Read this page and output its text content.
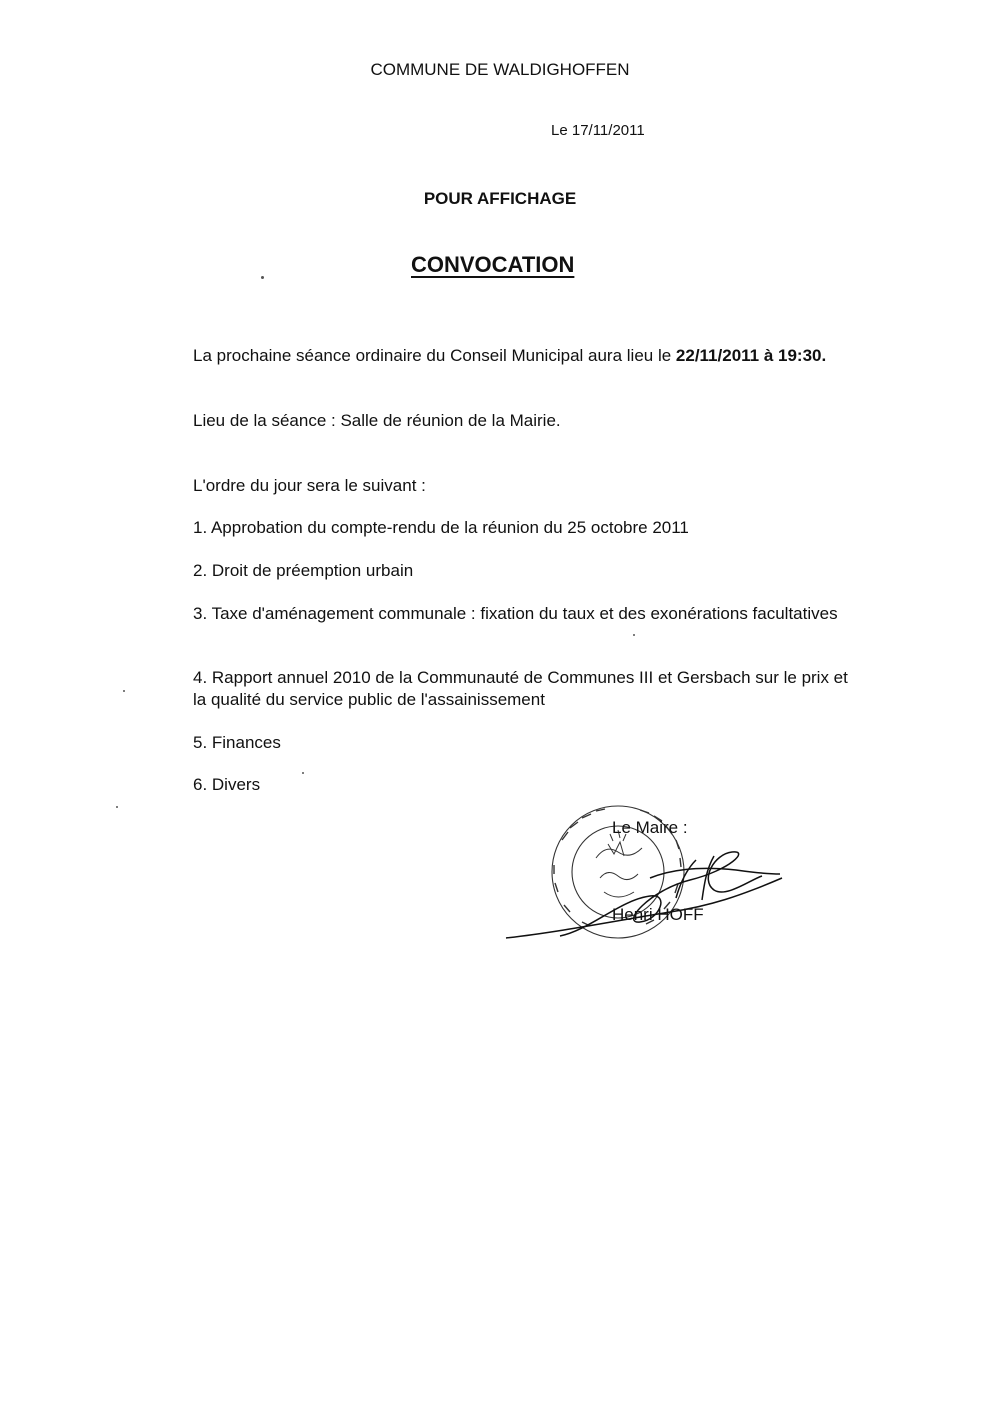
COMMUNE DE WALDIGHOFFEN

Le 17/11/2011

POUR AFFICHAGE

CONVOCATION

La prochaine séance ordinaire du Conseil Municipal aura lieu le 22/11/2011 à 19:30.

Lieu de la séance : Salle de réunion de la Mairie.

L'ordre du jour sera le suivant :

1. Approbation du compte-rendu de la réunion du 25 octobre 2011

2. Droit de préemption urbain

3. Taxe d'aménagement communale : fixation du taux et des exonérations facultatives

4. Rapport annuel 2010 de la Communauté de Communes III et Gersbach sur le prix et la qualité du service public de l'assainissement

5. Finances

6. Divers

Le Maire :

Henri HOFF
